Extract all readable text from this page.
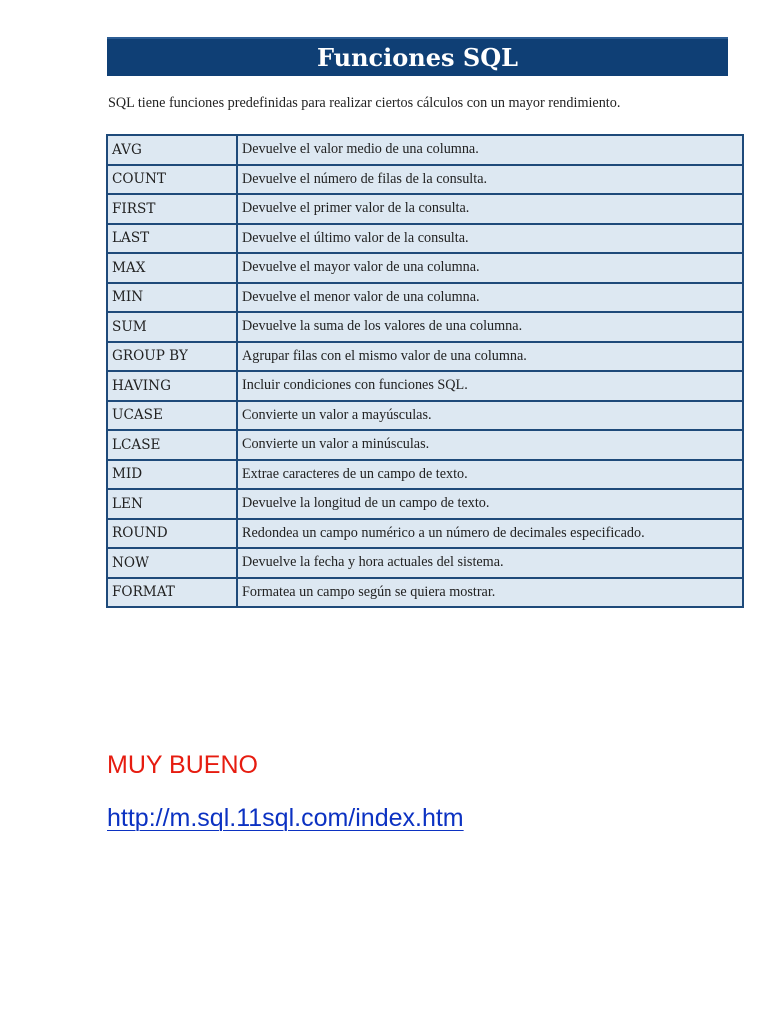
Funciones SQL
SQL tiene funciones predefinidas para realizar ciertos cálculos con un mayor rendimiento.
AVG	Devuelve el valor medio de una columna.
COUNT	Devuelve el número de filas de la consulta.
FIRST	Devuelve el primer valor de la consulta.
LAST	Devuelve el último valor de la consulta.
MAX	Devuelve el mayor valor de una columna.
MIN	Devuelve el menor valor de una columna.
SUM	Devuelve la suma de los valores de una columna.
GROUP BY	Agrupar filas con el mismo valor de una columna.
HAVING	Incluir condiciones con funciones SQL.
UCASE	Convierte un valor a mayúsculas.
LCASE	Convierte un valor a minúsculas.
MID	Extrae caracteres de un campo de texto.
LEN	Devuelve la longitud de un campo de texto.
ROUND	Redondea un campo numérico a un número de decimales especificado.
NOW	Devuelve la fecha y hora actuales del sistema.
FORMAT	Formatea un campo según se quiera mostrar.
MUY BUENO
http://m.sql.11sql.com/index.htm
